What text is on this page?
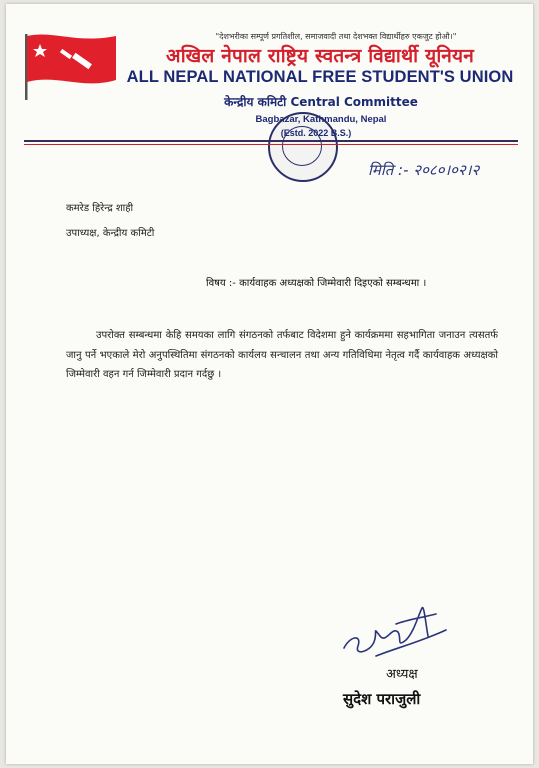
"देशभरीका सम्पूर्ण प्रगतिशील, समाजवादी तथा देशभक्त विद्यार्थीहरु एकजुट होऔ।"
अखिल नेपाल राष्ट्रिय स्वतन्त्र विद्यार्थी यूनियन
ALL NEPAL NATIONAL FREE STUDENT'S UNION
केन्द्रीय कमिटी Central Committee
Bagbazar, Kathmandu, Nepal
(Estd. 2022 B.S.)
मिति :- २०८०।०२।२
कमरेड हिरेन्द्र शाही
उपाध्यक्ष, केन्द्रीय कमिटी
विषय :- कार्यवाहक अध्यक्षको जिम्मेवारी दिइएको सम्बन्धमा ।
उपरोक्त सम्बन्धमा केहि समयका लागि संगठनको तर्फबाट विदेशमा हुने कार्यक्रममा सहभागिता जनाउन त्यसतर्फ जानु पर्ने भएकाले मेरो अनुपस्थितिमा संगठनको कार्यलय सन्चालन तथा अन्य गतिविधिमा नेतृत्व गर्दै कार्यवाहक अध्यक्षको जिम्मेवारी वहन गर्न जिम्मेवारी प्रदान गर्दछु ।
अध्यक्ष
सुदेश पराजुली
